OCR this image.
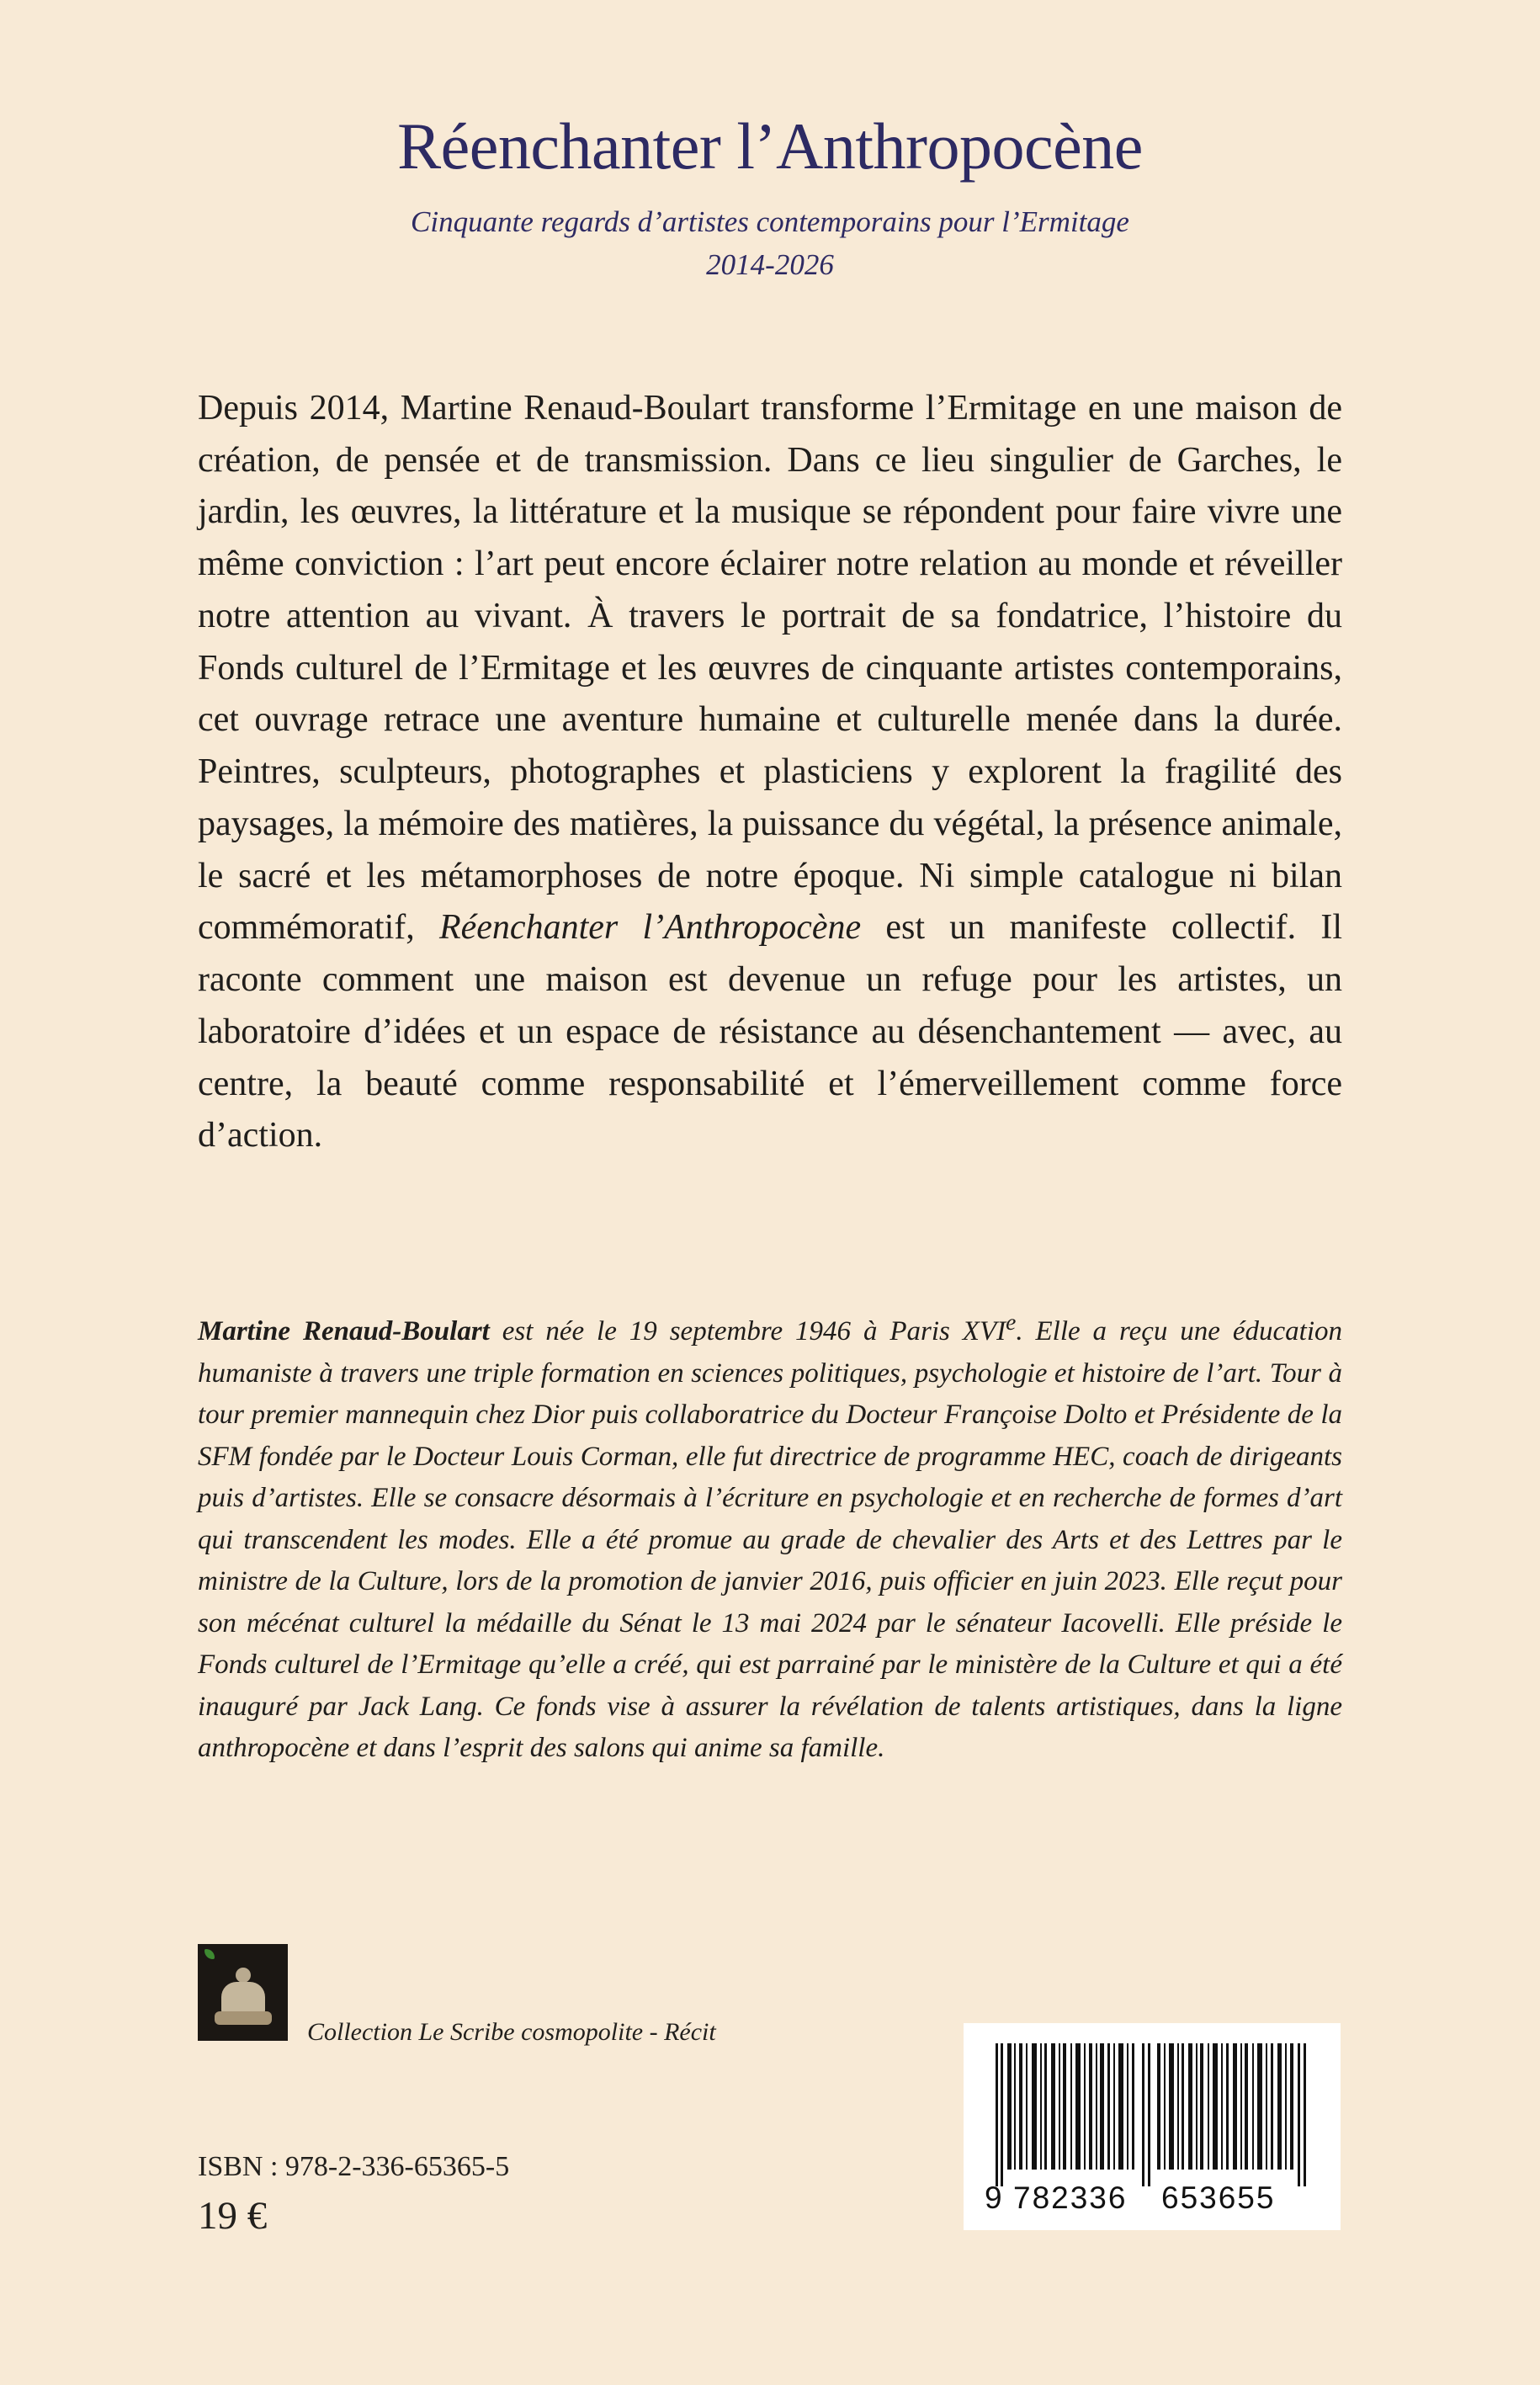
Réenchanter l’Anthropocène
Cinquante regards d’artistes contemporains pour l’Ermitage
2014-2026
Depuis 2014, Martine Renaud-Boulart transforme l’Ermitage en une maison de création, de pensée et de transmission. Dans ce lieu singulier de Garches, le jardin, les œuvres, la littérature et la musique se répondent pour faire vivre une même conviction : l’art peut encore éclairer notre relation au monde et réveiller notre attention au vivant. À travers le portrait de sa fondatrice, l’histoire du Fonds culturel de l’Ermitage et les œuvres de cinquante artistes contemporains, cet ouvrage retrace une aventure humaine et culturelle menée dans la durée. Peintres, sculpteurs, photographes et plasticiens y explorent la fragilité des paysages, la mémoire des matières, la puissance du végétal, la présence animale, le sacré et les métamorphoses de notre époque. Ni simple catalogue ni bilan commémoratif, Réenchanter l’Anthropocène est un manifeste collectif. Il raconte comment une maison est devenue un refuge pour les artistes, un laboratoire d’idées et un espace de résistance au désenchantement — avec, au centre, la beauté comme responsabilité et l’émerveillement comme force d’action.
Martine Renaud-Boulart est née le 19 septembre 1946 à Paris XVIe. Elle a reçu une éducation humaniste à travers une triple formation en sciences politiques, psychologie et histoire de l’art. Tour à tour premier mannequin chez Dior puis collaboratrice du Docteur Françoise Dolto et Présidente de la SFM fondée par le Docteur Louis Corman, elle fut directrice de programme HEC, coach de dirigeants puis d’artistes. Elle se consacre désormais à l’écriture en psychologie et en recherche de formes d’art qui transcendent les modes. Elle a été promue au grade de chevalier des Arts et des Lettres par le ministre de la Culture, lors de la promotion de janvier 2016, puis officier en juin 2023. Elle reçut pour son mécénat culturel la médaille du Sénat le 13 mai 2024 par le sénateur Iacovelli. Elle préside le Fonds culturel de l’Ermitage qu’elle a créé, qui est parrainé par le ministère de la Culture et qui a été inauguré par Jack Lang. Ce fonds vise à assurer la révélation de talents artistiques, dans la ligne anthropocène et dans l’esprit des salons qui anime sa famille.
Collection Le Scribe cosmopolite - Récit
ISBN : 978-2-336-65365-5
19 €	9 782336 653655
